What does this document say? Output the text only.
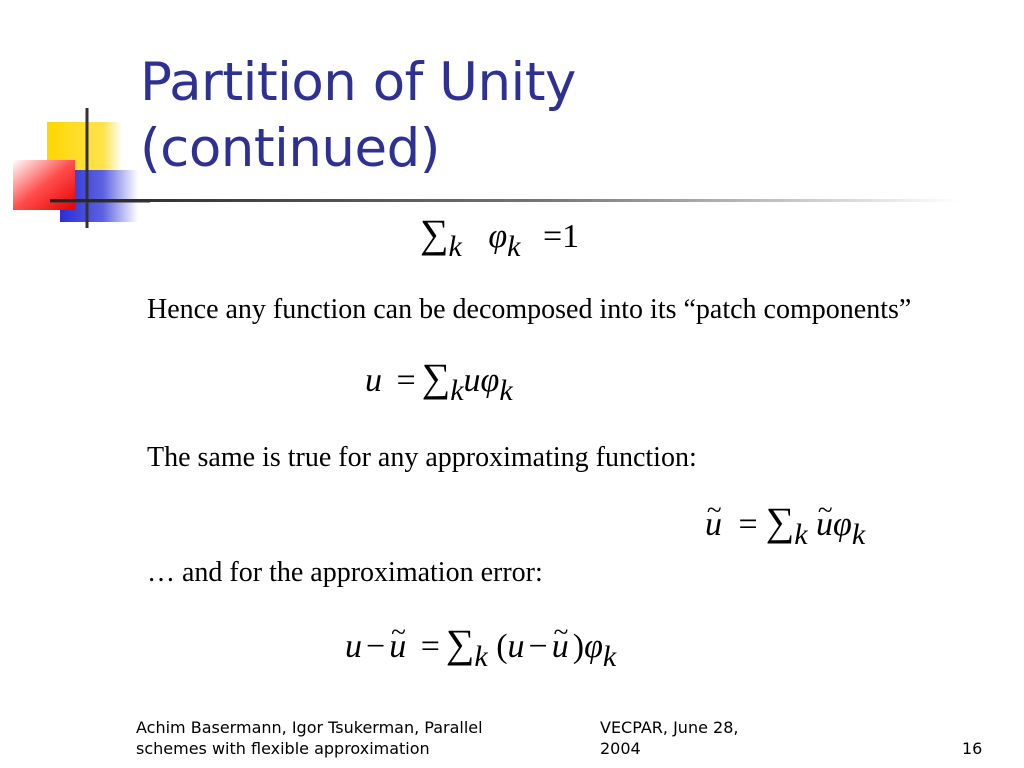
Partition of Unity
(continued)
∑k φk =1
Hence any function can be decomposed into its “patch components”
u = ∑kuφk
The same is true for any approximating function:
~ u = ∑k ~ uφk
… and for the approximation error:
u − ~ u = ∑k (u − ~ u )φk
Achim Basermann, Igor Tsukerman, Parallel
schemes with flexible approximation
VECPAR, June 28,
2004	16
